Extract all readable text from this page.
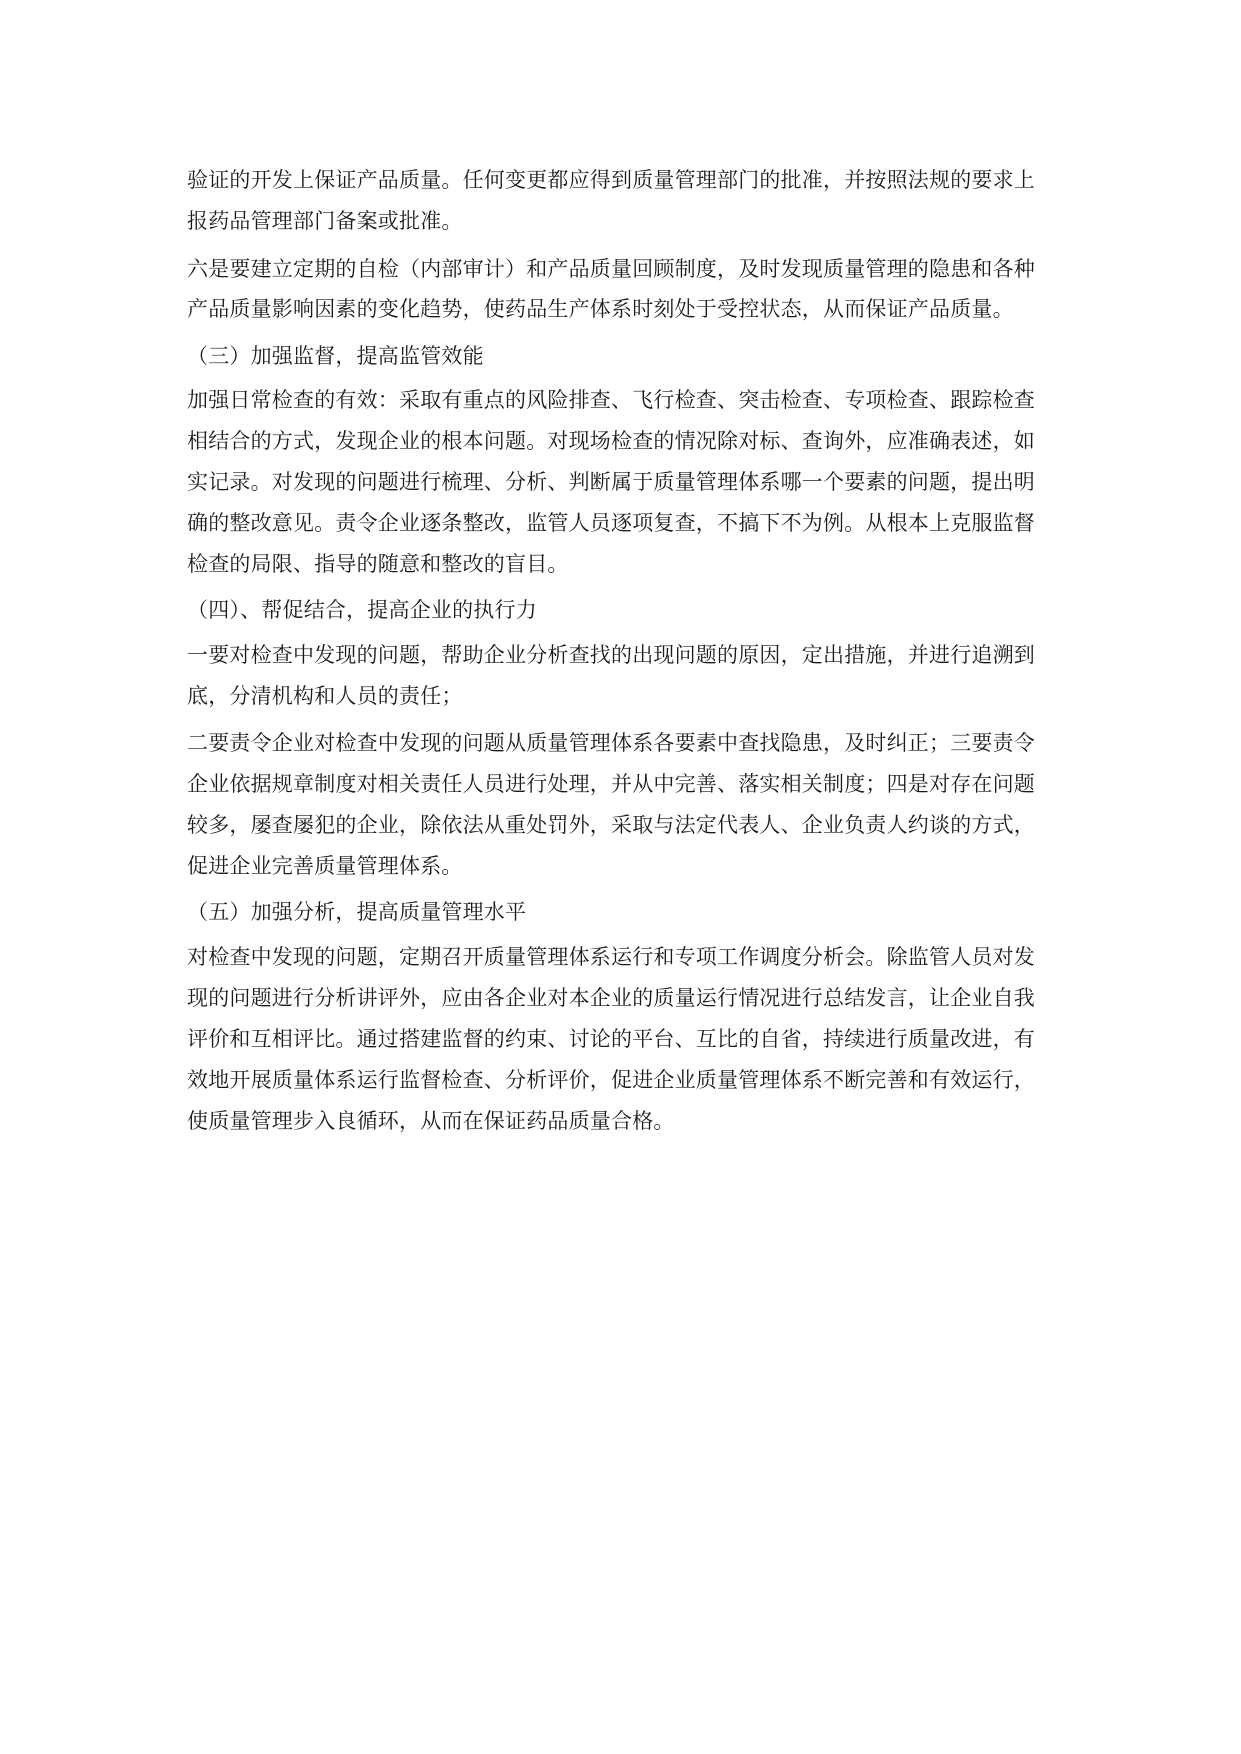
验证的开发上保证产品质量。任何变更都应得到质量管理部门的批准，并按照法规的要求上
报药品管理部门备案或批准。
六是要建立定期的自检（内部审计）和产品质量回顾制度，及时发现质量管理的隐患和各种
产品质量影响因素的变化趋势，使药品生产体系时刻处于受控状态，从而保证产品质量。
（三）加强监督，提高监管效能
加强日常检查的有效：采取有重点的风险排查、飞行检查、突击检查、专项检查、跟踪检查
相结合的方式，发现企业的根本问题。对现场检查的情况除对标、查询外，应准确表述，如
实记录。对发现的问题进行梳理、分析、判断属于质量管理体系哪一个要素的问题，提出明
确的整改意见。责令企业逐条整改，监管人员逐项复查，不搞下不为例。从根本上克服监督
检查的局限、指导的随意和整改的盲目。
（四）、帮促结合，提高企业的执行力
一要对检查中发现的问题，帮助企业分析查找的出现问题的原因，定出措施，并进行追溯到
底，分清机构和人员的责任；
二要责令企业对检查中发现的问题从质量管理体系各要素中查找隐患，及时纠正；三要责令
企业依据规章制度对相关责任人员进行处理，并从中完善、落实相关制度；四是对存在问题
较多，屡查屡犯的企业，除依法从重处罚外，采取与法定代表人、企业负责人约谈的方式，
促进企业完善质量管理体系。
（五）加强分析，提高质量管理水平
对检查中发现的问题，定期召开质量管理体系运行和专项工作调度分析会。除监管人员对发
现的问题进行分析讲评外，应由各企业对本企业的质量运行情况进行总结发言，让企业自我
评价和互相评比。通过搭建监督的约束、讨论的平台、互比的自省，持续进行质量改进，有
效地开展质量体系运行监督检查、分析评价，促进企业质量管理体系不断完善和有效运行，
使质量管理步入良循环，从而在保证药品质量合格。
